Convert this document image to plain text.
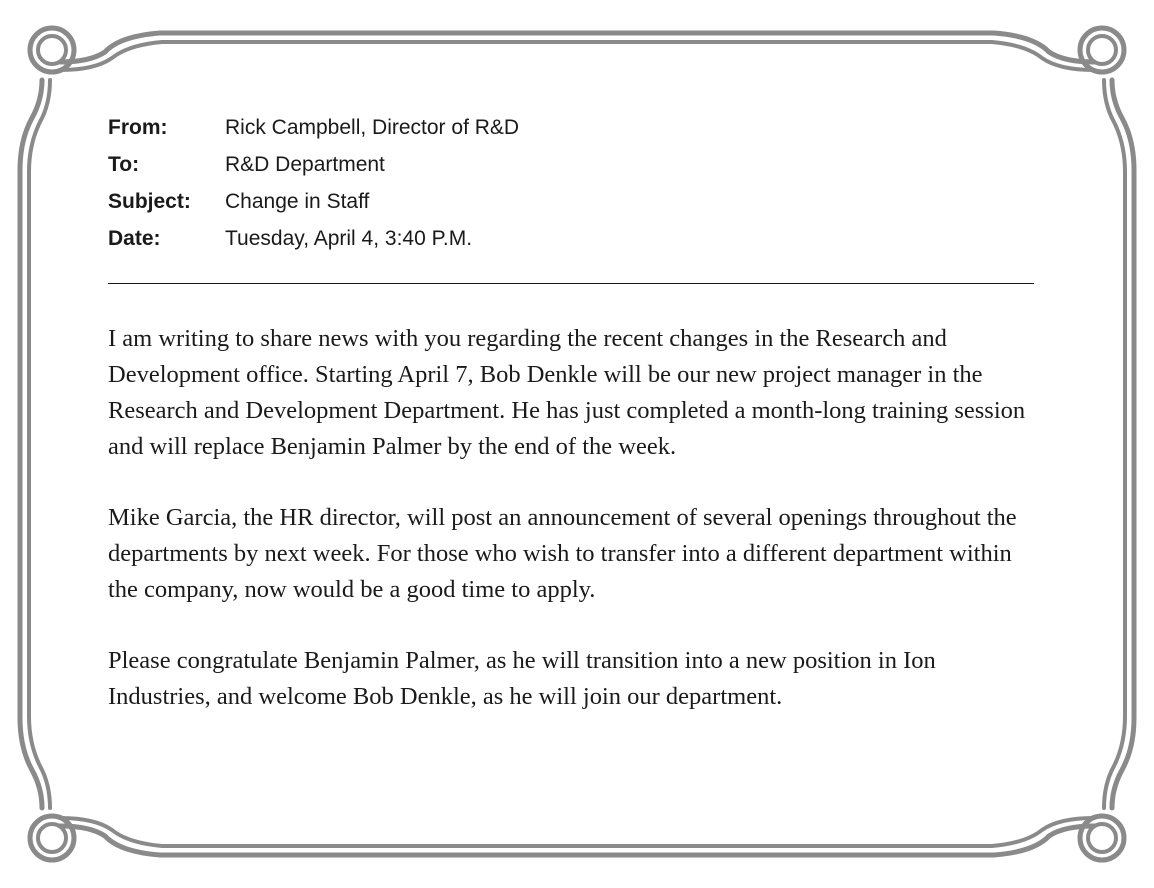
From:	Rick Campbell, Director of R&D
To:	R&D Department
Subject:	Change in Staff
Date:	Tuesday, April 4, 3:40 P.M.

I am writing to share news with you regarding the recent changes in the Research and Development office. Starting April 7, Bob Denkle will be our new project manager in the Research and Development Department. He has just completed a month-long training session and will replace Benjamin Palmer by the end of the week.

Mike Garcia, the HR director, will post an announcement of several openings throughout the departments by next week. For those who wish to transfer into a different department within the company, now would be a good time to apply.

Please congratulate Benjamin Palmer, as he will transition into a new position in Ion Industries, and welcome Bob Denkle, as he will join our department.
